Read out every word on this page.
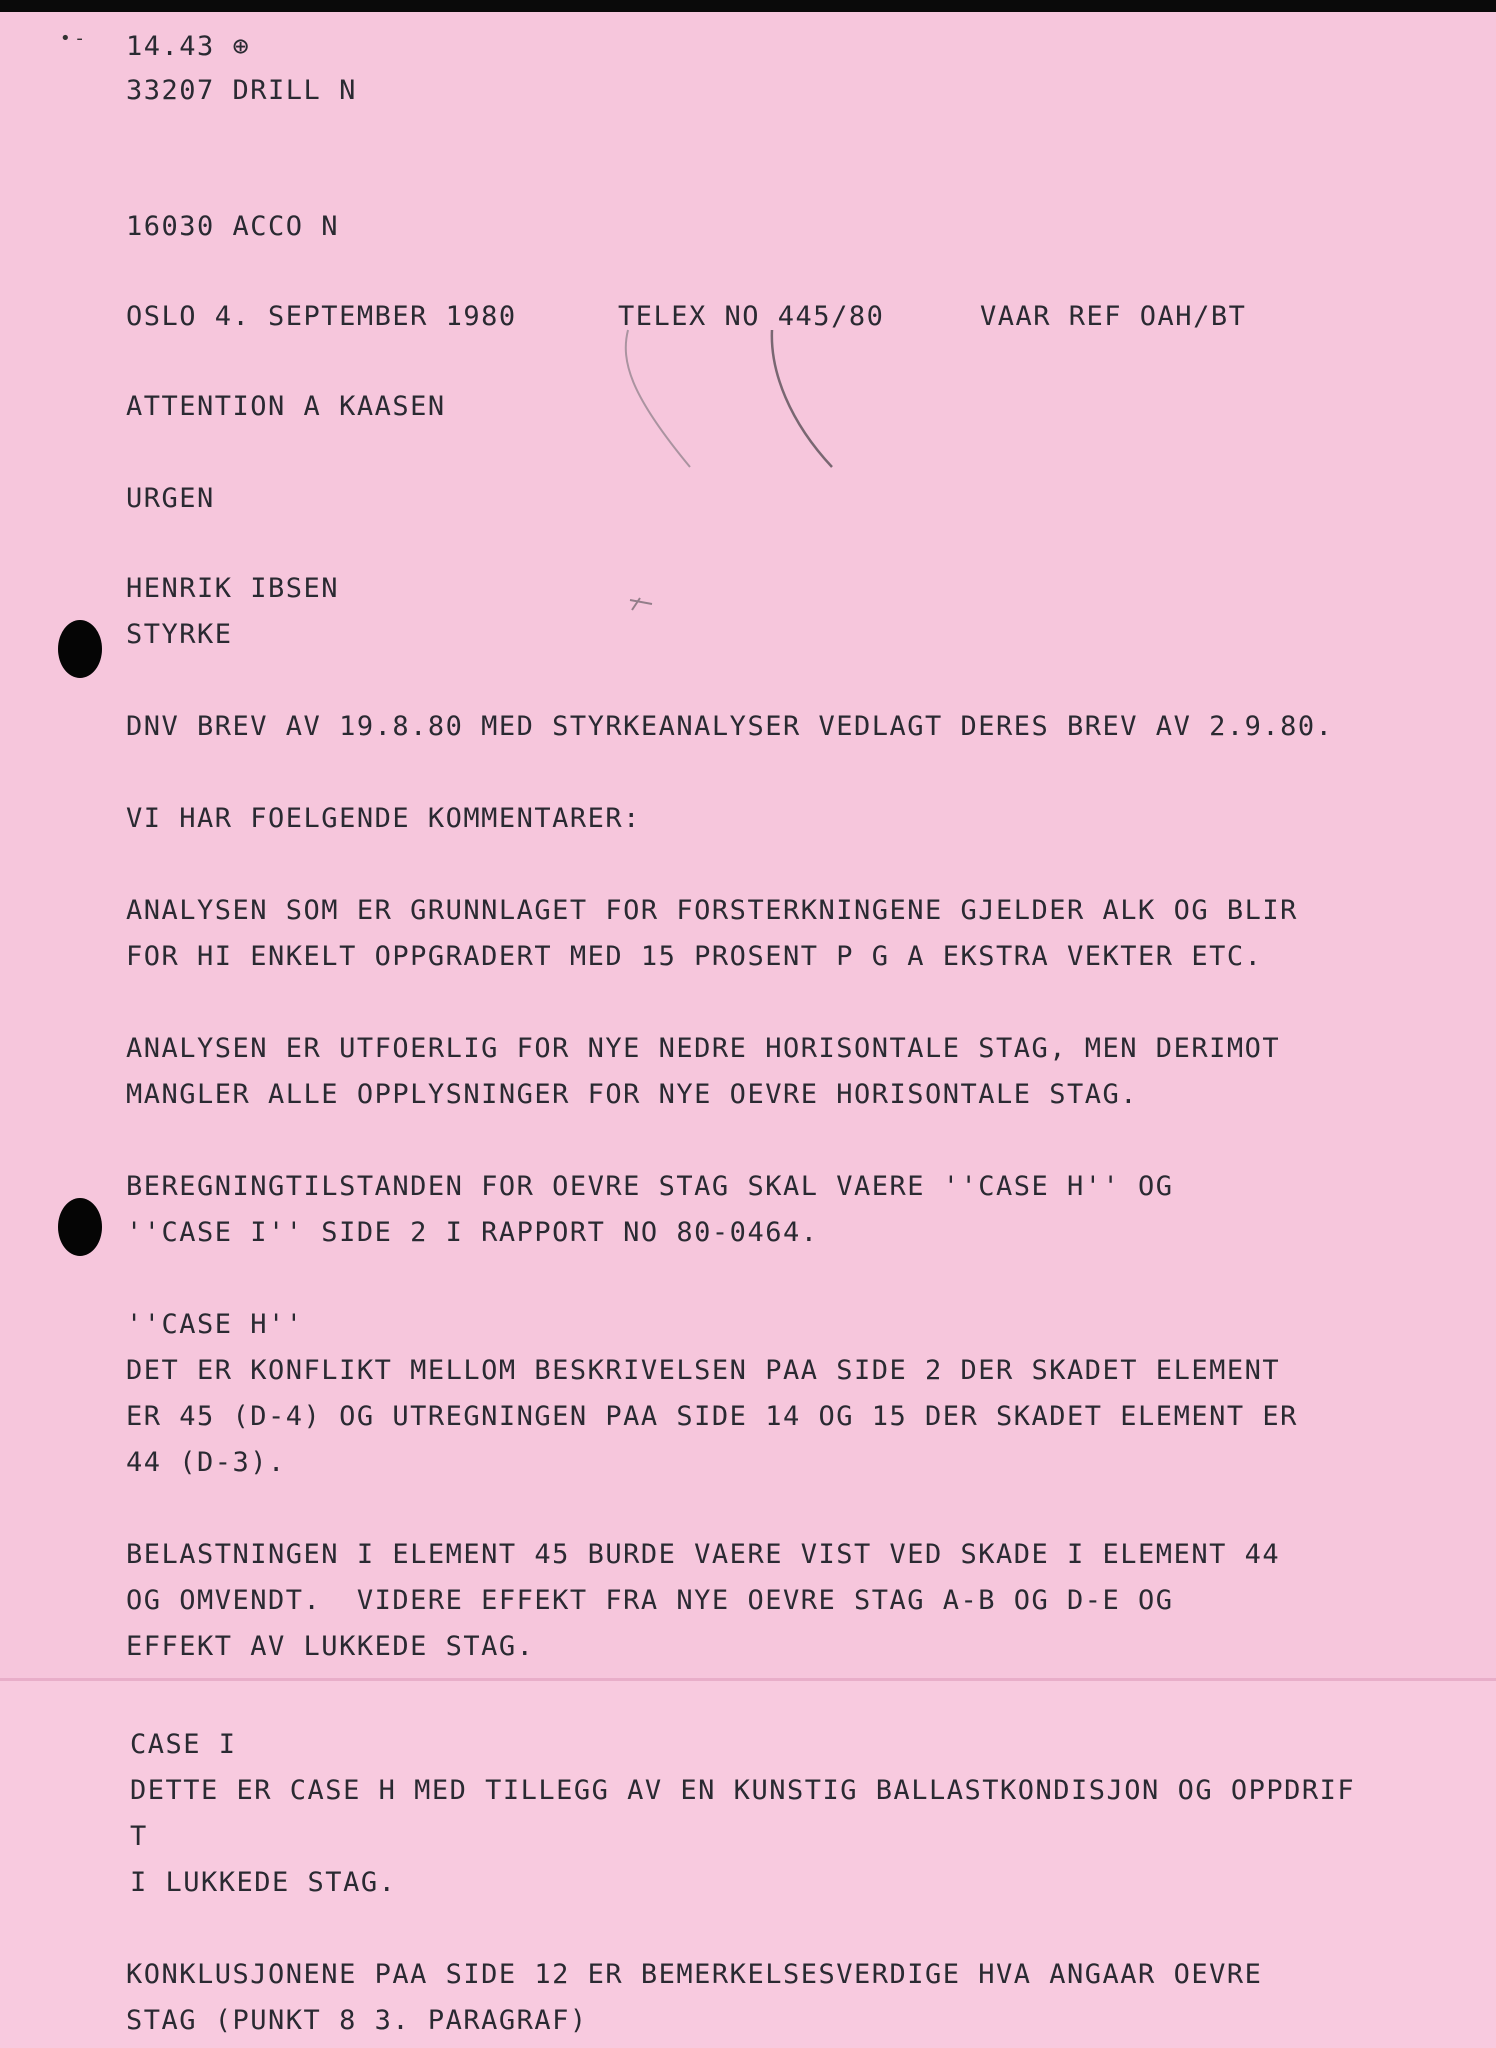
• - 14.43 ⊕
33207 DRILL N
16030 ACCO N
OSLO 4. SEPTEMBER 1980	TELEX NO 445/80	VAAR REF OAH/BT
ATTENTION A KAASEN
URGEN
HENRIK IBSEN
STYRKE
DNV BREV AV 19.8.80 MED STYRKEANALYSER VEDLAGT DERES BREV AV 2.9.80.
VI HAR FOELGENDE KOMMENTARER:
ANALYSEN SOM ER GRUNNLAGET FOR FORSTERKNINGENE GJELDER ALK OG BLIR
FOR HI ENKELT OPPGRADERT MED 15 PROSENT P G A EKSTRA VEKTER ETC.
ANALYSEN ER UTFOERLIG FOR NYE NEDRE HORISONTALE STAG, MEN DERIMOT
MANGLER ALLE OPPLYSNINGER FOR NYE OEVRE HORISONTALE STAG.
BEREGNINGTILSTANDEN FOR OEVRE STAG SKAL VAERE ''CASE H'' OG
''CASE I'' SIDE 2 I RAPPORT NO 80-0464.
''CASE H''
DET ER KONFLIKT MELLOM BESKRIVELSEN PAA SIDE 2 DER SKADET ELEMENT
ER 45 (D-4) OG UTREGNINGEN PAA SIDE 14 OG 15 DER SKADET ELEMENT ER
44 (D-3).
BELASTNINGEN I ELEMENT 45 BURDE VAERE VIST VED SKADE I ELEMENT 44
OG OMVENDT.  VIDERE EFFEKT FRA NYE OEVRE STAG A-B OG D-E OG
EFFEKT AV LUKKEDE STAG.
CASE I
DETTE ER CASE H MED TILLEGG AV EN KUNSTIG BALLASTKONDISJON OG OPPDRIF
T
I LUKKEDE STAG.
KONKLUSJONENE PAA SIDE 12 ER BEMERKELSESVERDIGE HVA ANGAAR OEVRE
STAG (PUNKT 8 3. PARAGRAF)
